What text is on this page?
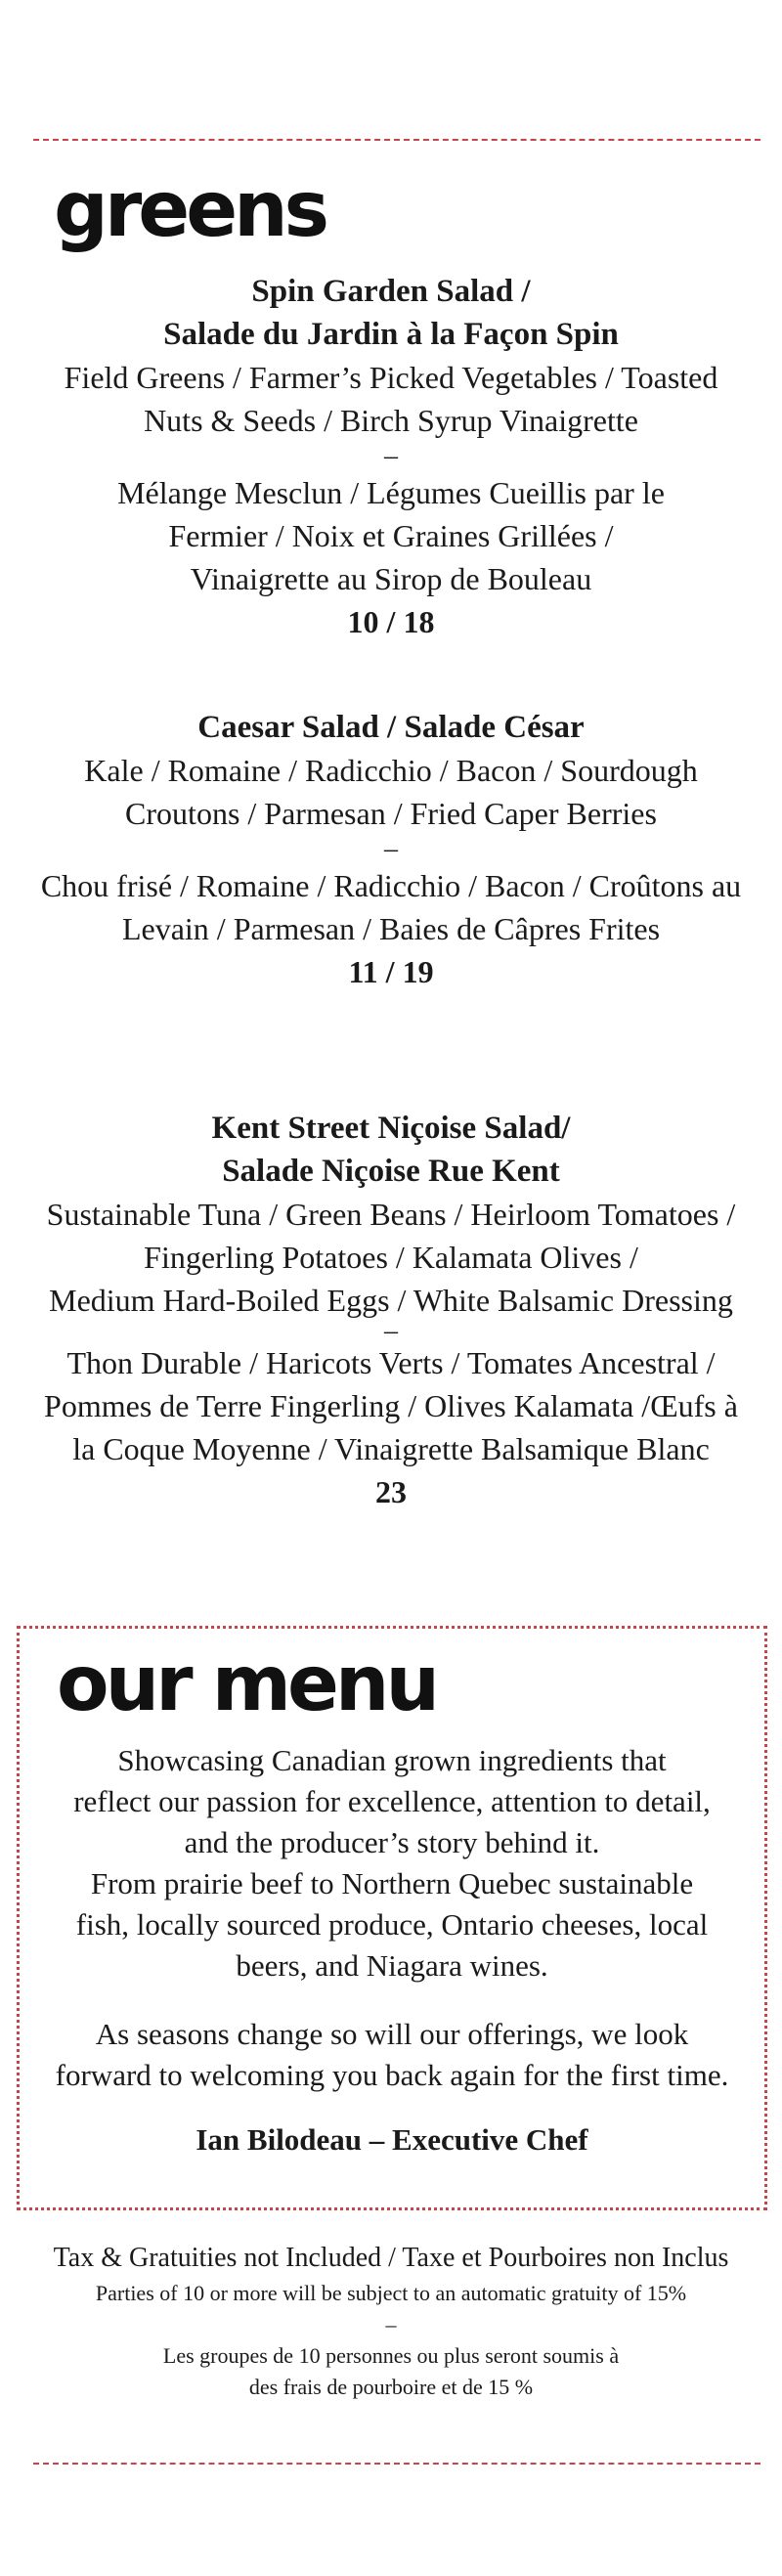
greens
Spin Garden Salad /
Salade du Jardin à la Façon Spin
Field Greens / Farmer’s Picked Vegetables / Toasted
Nuts & Seeds / Birch Syrup Vinaigrette
–
Mélange Mesclun / Légumes Cueillis par le
Fermier / Noix et Graines Grillées /
Vinaigrette au Sirop de Bouleau
10 / 18
Caesar Salad / Salade César
Kale / Romaine / Radicchio / Bacon / Sourdough
Croutons / Parmesan / Fried Caper Berries
–
Chou frisé / Romaine / Radicchio / Bacon / Croûtons au
Levain / Parmesan / Baies de Câpres Frites
11 / 19
Kent Street Niçoise Salad/
Salade Niçoise Rue Kent
Sustainable Tuna / Green Beans / Heirloom Tomatoes /
Fingerling Potatoes / Kalamata Olives /
Medium Hard-Boiled Eggs / White Balsamic Dressing
–
Thon Durable / Haricots Verts / Tomates Ancestral /
Pommes de Terre Fingerling / Olives Kalamata /Œufs à
la Coque Moyenne / Vinaigrette Balsamique Blanc
23
our menu
Showcasing Canadian grown ingredients that
reflect our passion for excellence, attention to detail,
and the producer’s story behind it.
From prairie beef to Northern Quebec sustainable
fish, locally sourced produce, Ontario cheeses, local
beers, and Niagara wines.
As seasons change so will our offerings, we look
forward to welcoming you back again for the first time.
Ian Bilodeau – Executive Chef
Tax & Gratuities not Included / Taxe et Pourboires non Inclus
Parties of 10 or more will be subject to an automatic gratuity of 15%
–
Les groupes de 10 personnes ou plus seront soumis à
des frais de pourboire et de 15 %
